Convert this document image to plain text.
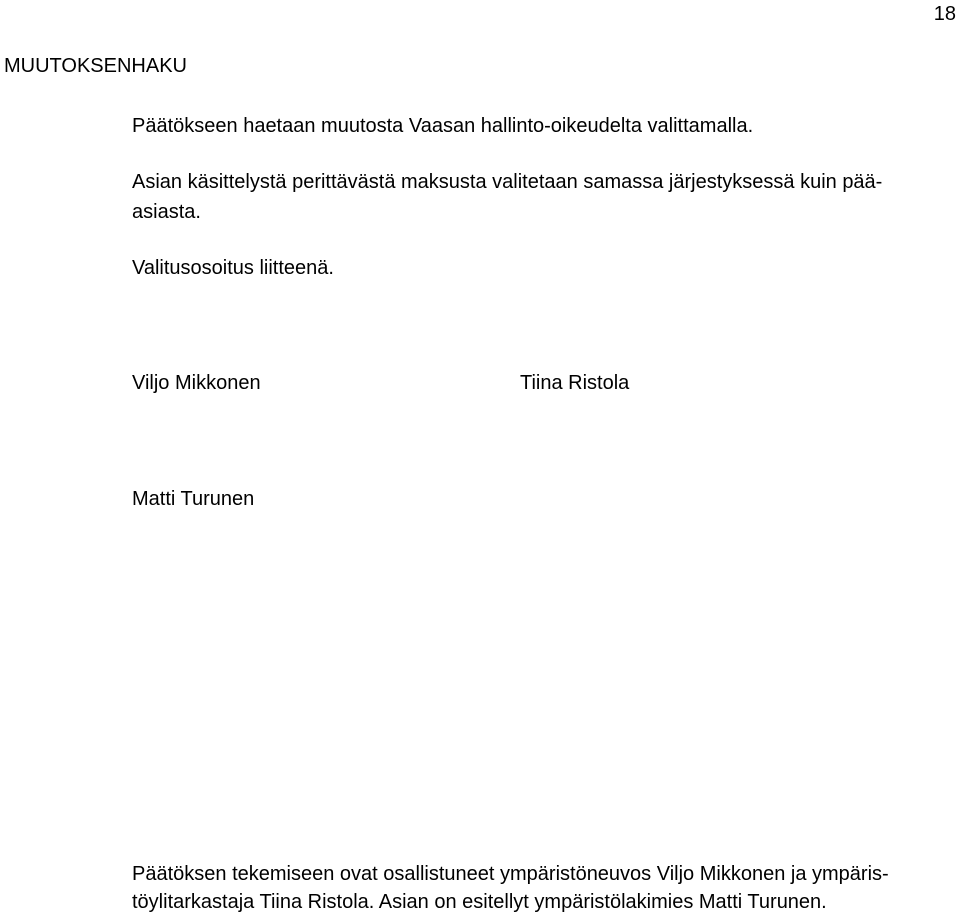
18
MUUTOKSENHAKU
Päätökseen haetaan muutosta Vaasan hallinto-oikeudelta valittamalla.
Asian käsittelystä perittävästä maksusta valitetaan samassa järjestyksessä kuin pää-
asiasta.
Valitusosoitus liitteenä.
Viljo Mikkonen	Tiina Ristola
Matti Turunen
Päätöksen tekemiseen ovat osallistuneet ympäristöneuvos Viljo Mikkonen ja ympäris-
töylitarkastaja Tiina Ristola. Asian on esitellyt ympäristölakimies Matti Turunen.
